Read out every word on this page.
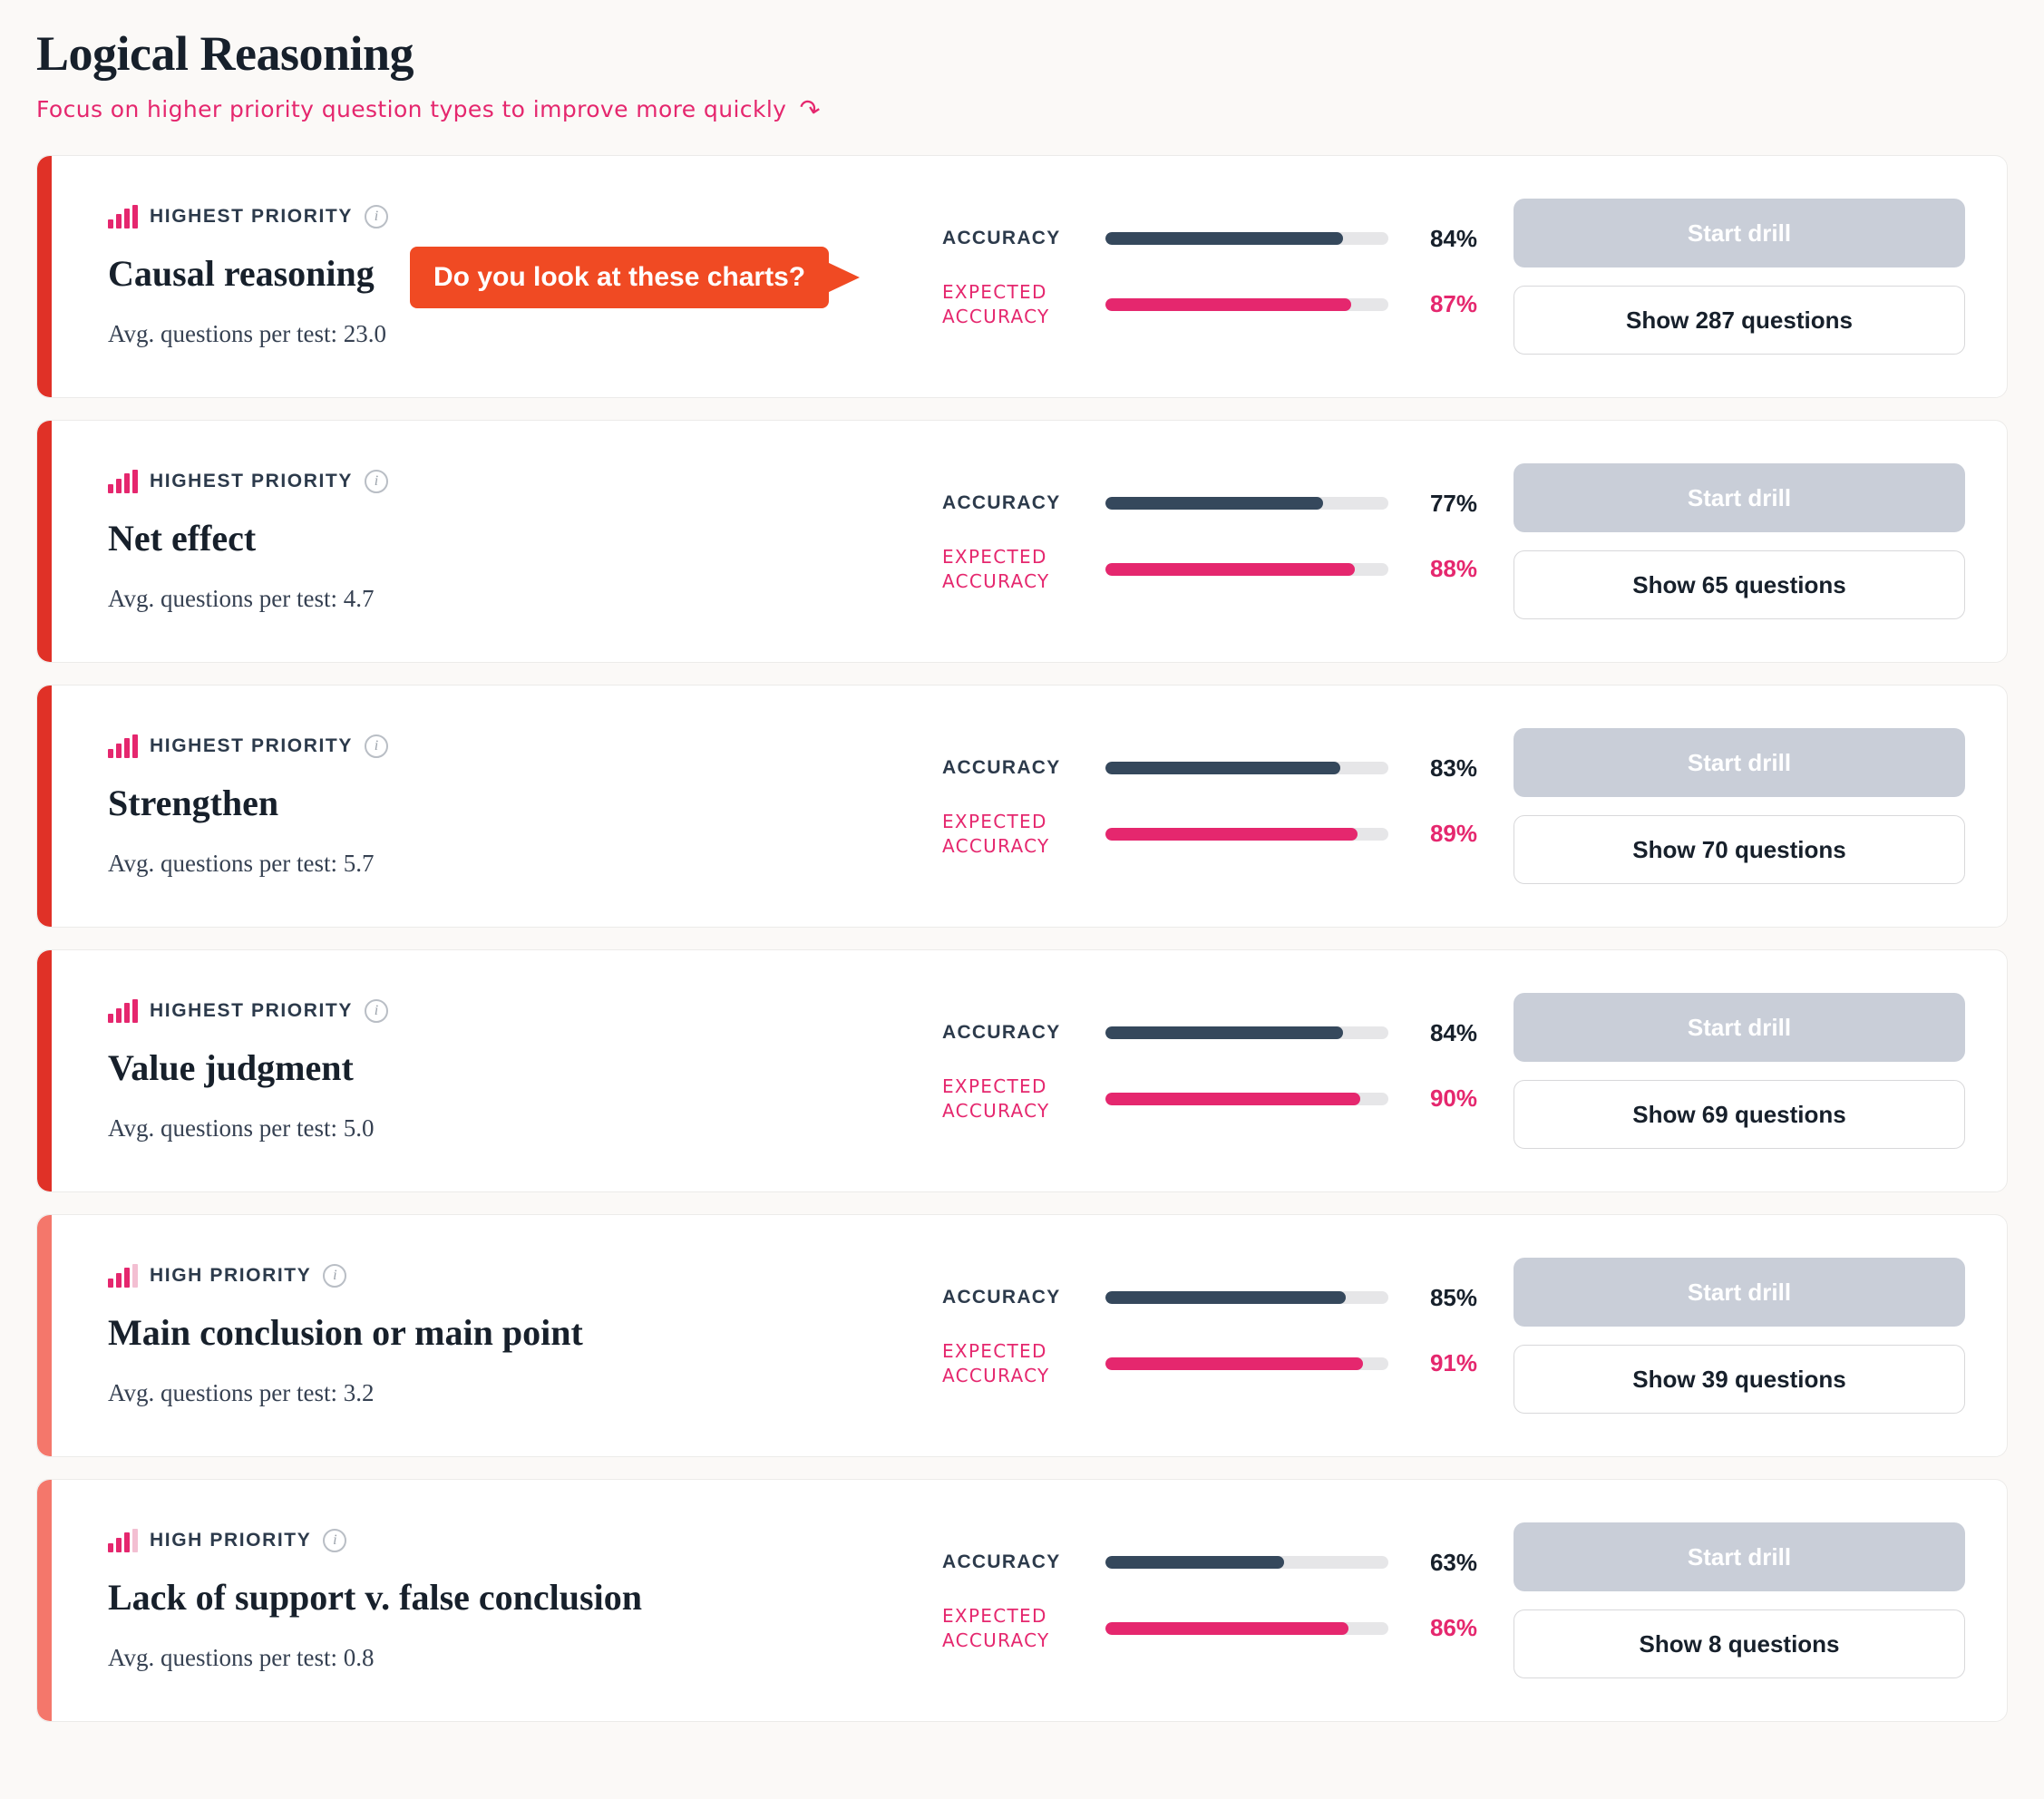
Logical Reasoning
Focus on higher priority question types to improve more quickly ↷
HIGHEST PRIORITY	i
Causal reasoning
Avg. questions per test: 23.0
ACCURACY	84%
EXPECTED
ACCURACY	87%
Start drill
Show 287 questions
HIGHEST PRIORITY	i
Net effect
Avg. questions per test: 4.7
ACCURACY	77%
EXPECTED
ACCURACY	88%
Start drill
Show 65 questions
HIGHEST PRIORITY	i
Strengthen
Avg. questions per test: 5.7
ACCURACY	83%
EXPECTED
ACCURACY	89%
Start drill
Show 70 questions
HIGHEST PRIORITY	i
Value judgment
Avg. questions per test: 5.0
ACCURACY	84%
EXPECTED
ACCURACY	90%
Start drill
Show 69 questions
HIGH PRIORITY	i
Main conclusion or main point
Avg. questions per test: 3.2
ACCURACY	85%
EXPECTED
ACCURACY	91%
Start drill
Show 39 questions
HIGH PRIORITY	i
Lack of support v. false conclusion
Avg. questions per test: 0.8
ACCURACY	63%
EXPECTED
ACCURACY	86%
Start drill
Show 8 questions
Do you look at these charts?
